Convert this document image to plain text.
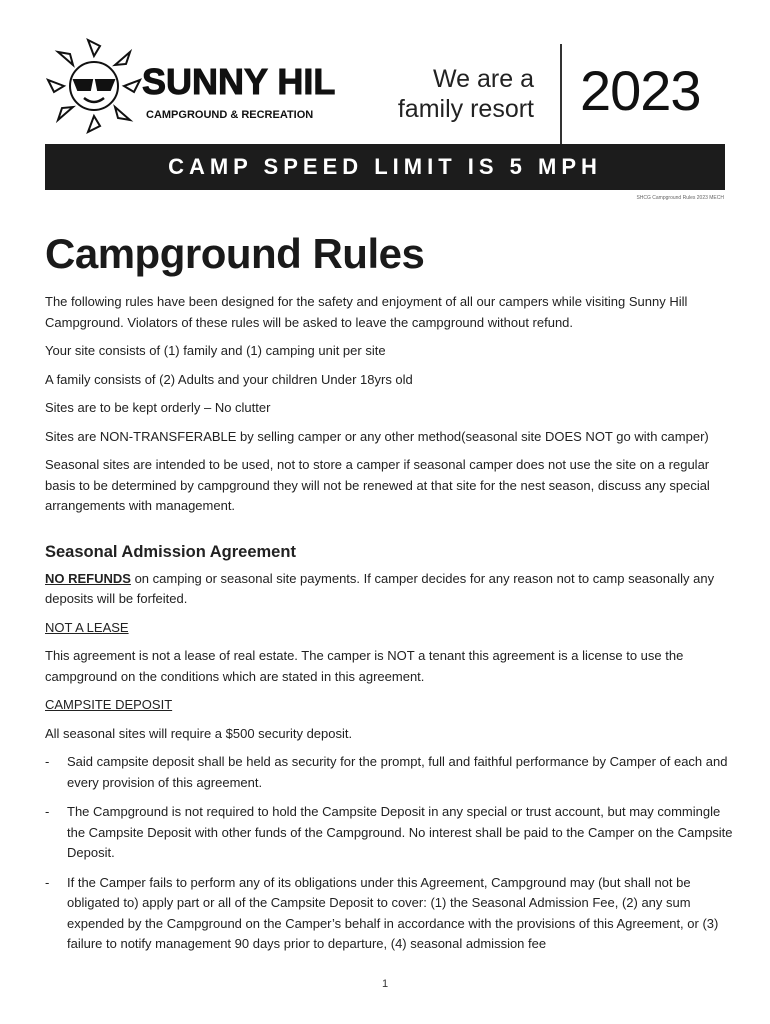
SUNNY HILL
CAMPGROUND & RECREATION
We are a
family resort 2023
CAMP SPEED LIMIT IS 5 MPH
SHCG Campground Rules 2023 MECH
Campground Rules

The following rules have been designed for the safety and enjoyment of all our campers while visiting Sunny Hill Campground. Violators of these rules will be asked to leave the campground without refund.

Your site consists of (1) family and (1) camping unit per site

A family consists of (2) Adults and your children Under 18yrs old

Sites are to be kept orderly – No clutter

Sites are NON-TRANSFERABLE by selling camper or any other method(seasonal site DOES NOT go with camper)

Seasonal sites are intended to be used, not to store a camper if seasonal camper does not use the site on a regular basis to be determined by campground they will not be renewed at that site for the nest season, discuss any special arrangements with management.

Seasonal Admission Agreement

NO REFUNDS on camping or seasonal site payments. If camper decides for any reason not to camp seasonally any deposits will be forfeited.

NOT A LEASE

This agreement is not a lease of real estate. The camper is NOT a tenant this agreement is a license to use the campground on the conditions which are stated in this agreement.

CAMPSITE DEPOSIT

All seasonal sites will require a $500 security deposit.

- Said campsite deposit shall be held as security for the prompt, full and faithful performance by Camper of each and every provision of this agreement.
- The Campground is not required to hold the Campsite Deposit in any special or trust account, but may commingle the Campsite Deposit with other funds of the Campground. No interest shall be paid to the Camper on the Campsite Deposit.
- If the Camper fails to perform any of its obligations under this Agreement, Campground may (but shall not be obligated to) apply part or all of the Campsite Deposit to cover: (1) the Seasonal Admission Fee, (2) any sum expended by the Campground on the Camper’s behalf in accordance with the provisions of this Agreement, or (3) failure to notify management 90 days prior to departure, (4) seasonal admission fee
1
